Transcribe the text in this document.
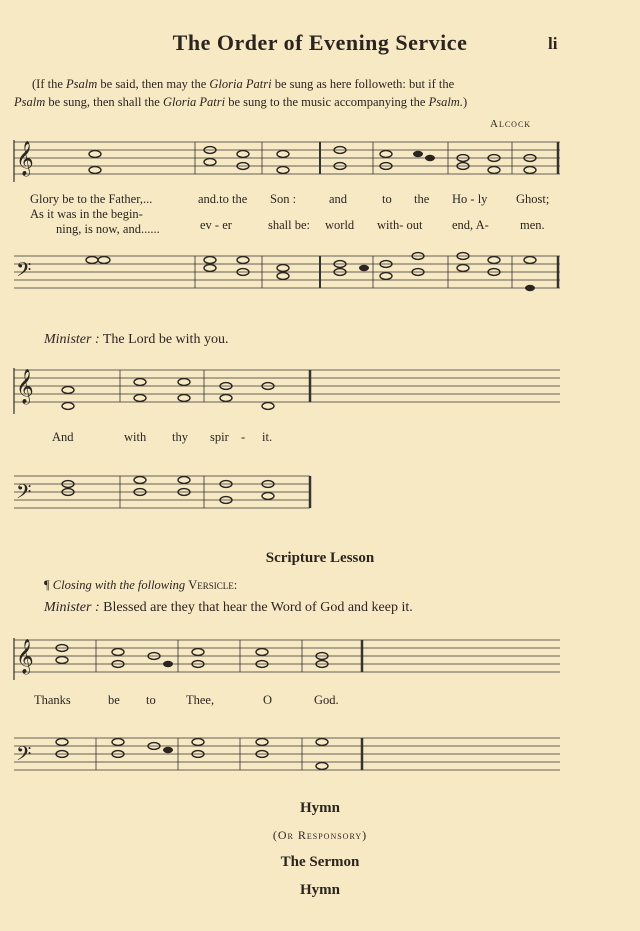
The Order of Evening Service	li
(If the Psalm be said, then may the Gloria Patri be sung as here followeth: but if the
Psalm be sung, then shall the Gloria Patri be sung to the music accompanying the Psalm.)
Alcock
𝄞
Glory be to the Father,...	and.to the Son :	and	to the Ho - ly Ghost;
As it was in the begin-
shall be: world with- out	men.
ning, is now, and......	ev - er	end, A-
𝄢
Minister : The Lord be with you.
𝄞
And	with thy spir - it.
𝄢
Scripture Lesson
¶ Closing with the following Versicle:
Minister : Blessed are they that hear the Word of God and keep it.
𝄞
Thanks	be to Thee,	O	God.
𝄢
Hymn
(Or Responsory)
The Sermon
Hymn
